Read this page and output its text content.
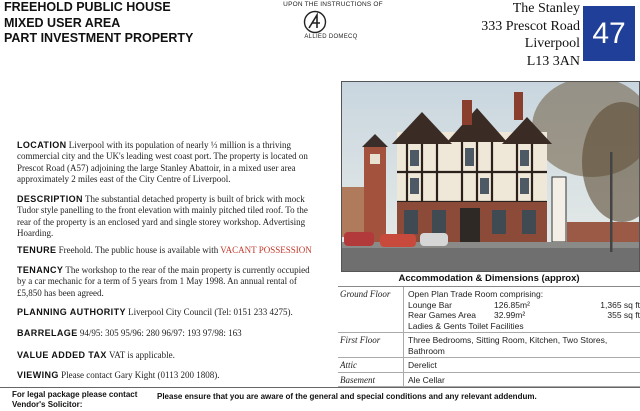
FREEHOLD PUBLIC HOUSE
MIXED USER AREA
PART INVESTMENT PROPERTY
UPON THE INSTRUCTIONS OF
ALLIED DOMECQ
The Stanley
333 Prescot Road
Liverpool
L13 3AN
47
LOCATION Liverpool with its population of nearly ⅓ million is a thriving commercial city and the UK's leading west coast port. The property is located on Prescot Road (A57) adjoining the large Stanley Abattoir, in a mixed user area approximately 2 miles east of the City Centre of Liverpool.
DESCRIPTION The substantial detached property is built of brick with mock Tudor style panelling to the front elevation with mainly pitched tiled roof. To the rear of the property is an enclosed yard and single storey workshop. Advertising Hoarding.
TENURE Freehold. The public house is available with VACANT POSSESSION
TENANCY The workshop to the rear of the main property is currently occupied by a car mechanic for a term of 5 years from 1 May 1998. An annual rental of £5,850 has been agreed.
PLANNING AUTHORITY Liverpool City Council (Tel: 0151 233 4275).
BARRELAGE 94/95: 305 95/96: 280 96/97: 193 97/98: 163
VALUE ADDED TAX VAT is applicable.
VIEWING Please contact Gary Kight (0113 200 1808).
Accommodation & Dimensions (approx)
Ground Floor	Open Plan Trade Room comprising:
Lounge Bar	126.85m²	1,365 sq ft
Rear Games Area	32.99m²	355 sq ft
Ladies & Gents Toilet Facilities
First Floor	Three Bedrooms, Sitting Room, Kitchen, Two Stores, Bathroom
Attic	Derelict
Basement	Ale Cellar
For legal package please contact Vendor's Solicitor:
Please ensure that you are aware of the general and special conditions and any relevant addendum.
